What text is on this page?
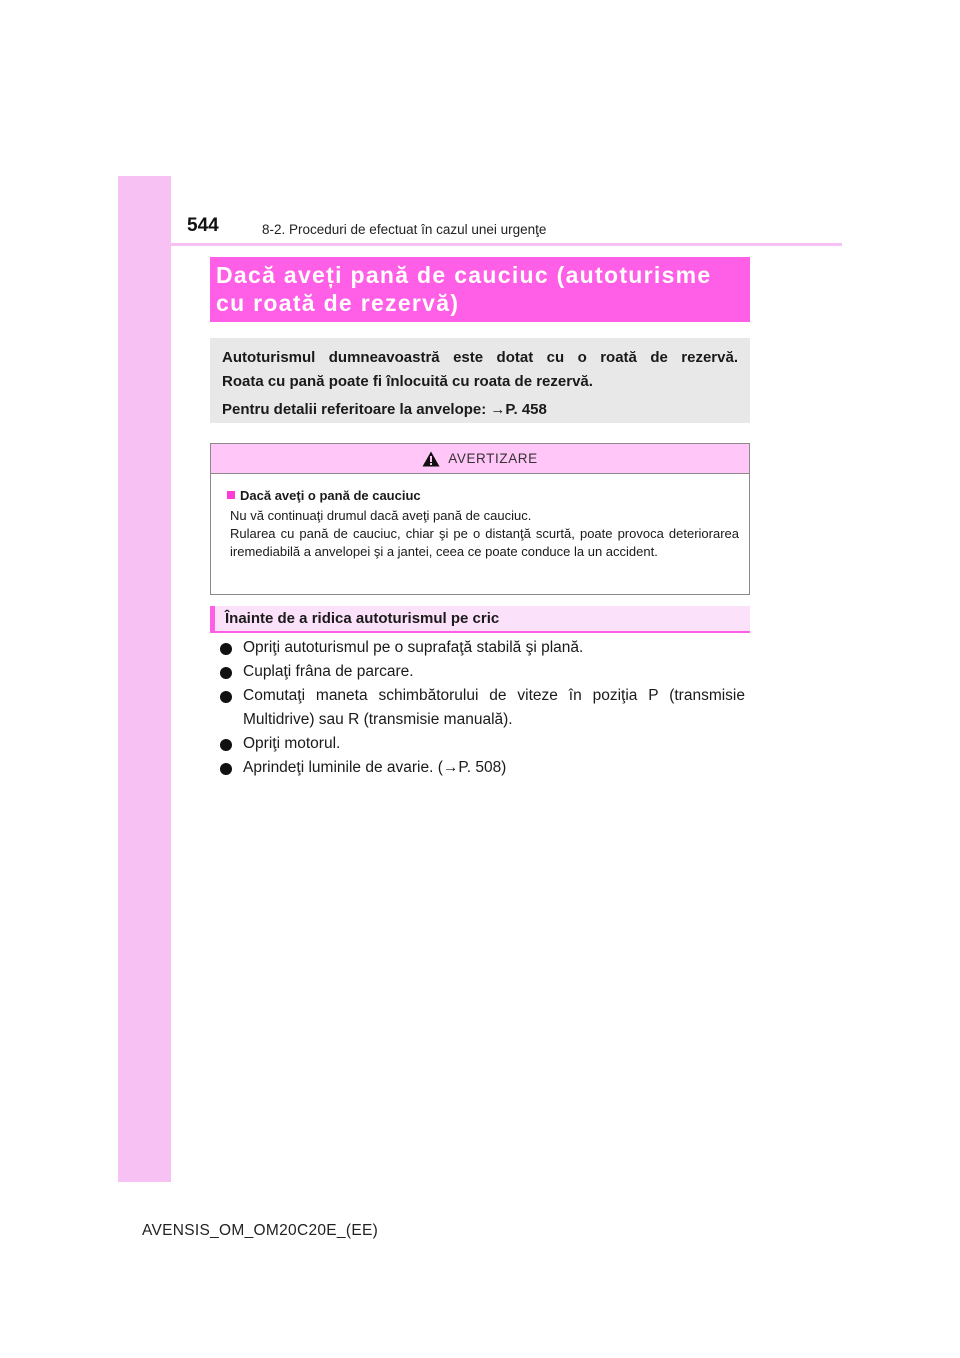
544	8-2. Proceduri de efectuat în cazul unei urgenţe
Dacă aveți pană de cauciuc (autoturisme
cu roată de rezervă)
Autoturismul dumneavoastră este dotat cu o roată de rezervă.
Roata cu pană poate fi înlocuită cu roata de rezervă.
Pentru detalii referitoare la anvelope: →P. 458
AVERTIZARE
Dacă aveţi o pană de cauciuc
Nu vă continuaţi drumul dacă aveţi pană de cauciuc.
Rularea cu pană de cauciuc, chiar şi pe o distanţă scurtă, poate provoca deteriorarea iremediabilă a anvelopei şi a jantei, ceea ce poate conduce la un accident.
Înainte de a ridica autoturismul pe cric
Opriţi autoturismul pe o suprafaţă stabilă şi plană.
Cuplaţi frâna de parcare.
Comutaţi maneta schimbătorului de viteze în poziţia P (transmisie Multidrive) sau R (transmisie manuală).
Opriţi motorul.
Aprindeţi luminile de avarie. (→P. 508)
AVENSIS_OM_OM20C20E_(EE)
